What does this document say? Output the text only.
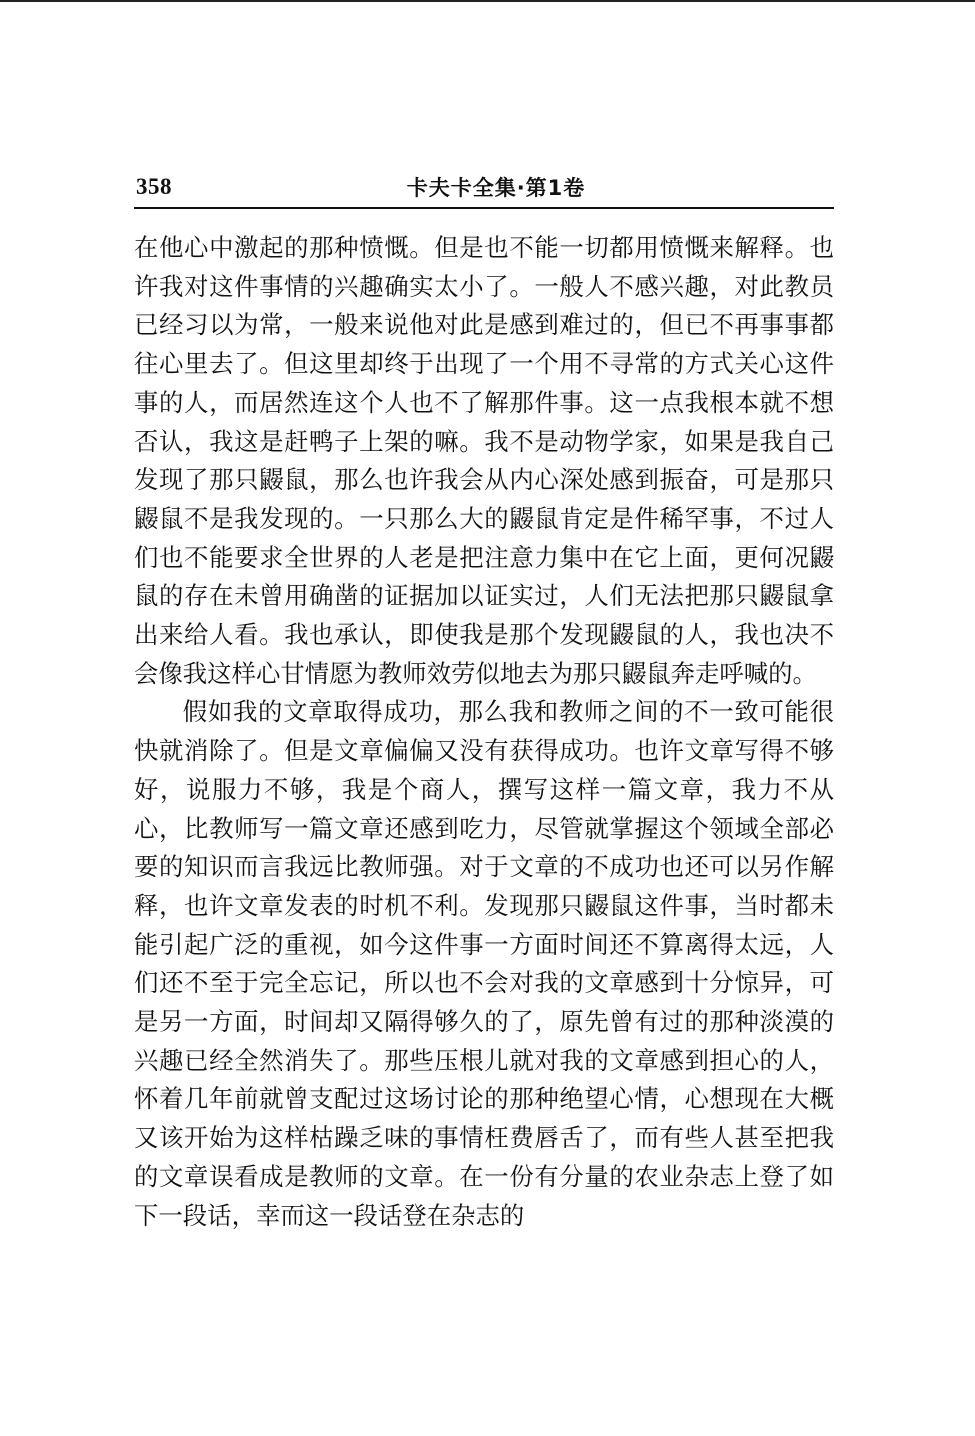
358	卡夫卡全集·第1卷

在他心中激起的那种愤慨。但是也不能一切都用愤慨来解释。也许我对这件事情的兴趣确实太小了。一般人不感兴趣，对此教员已经习以为常，一般来说他对此是感到难过的，但已不再事事都往心里去了。但这里却终于出现了一个用不寻常的方式关心这件事的人，而居然连这个人也不了解那件事。这一点我根本就不想否认，我这是赶鸭子上架的嘛。我不是动物学家，如果是我自己发现了那只鼹鼠，那么也许我会从内心深处感到振奋，可是那只鼹鼠不是我发现的。一只那么大的鼹鼠肯定是件稀罕事，不过人们也不能要求全世界的人老是把注意力集中在它上面，更何况鼹鼠的存在未曾用确凿的证据加以证实过，人们无法把那只鼹鼠拿出来给人看。我也承认，即使我是那个发现鼹鼠的人，我也决不会像我这样心甘情愿为教师效劳似地去为那只鼹鼠奔走呼喊的。

假如我的文章取得成功，那么我和教师之间的不一致可能很快就消除了。但是文章偏偏又没有获得成功。也许文章写得不够好，说服力不够，我是个商人，撰写这样一篇文章，我力不从心，比教师写一篇文章还感到吃力，尽管就掌握这个领域全部必要的知识而言我远比教师强。对于文章的不成功也还可以另作解释，也许文章发表的时机不利。发现那只鼹鼠这件事，当时都未能引起广泛的重视，如今这件事一方面时间还不算离得太远，人们还不至于完全忘记，所以也不会对我的文章感到十分惊异，可是另一方面，时间却又隔得够久的了，原先曾有过的那种淡漠的兴趣已经全然消失了。那些压根儿就对我的文章感到担心的人，怀着几年前就曾支配过这场讨论的那种绝望心情，心想现在大概又该开始为这样枯躁乏味的事情枉费唇舌了，而有些人甚至把我的文章误看成是教师的文章。在一份有分量的农业杂志上登了如下一段话，幸而这一段话登在杂志的
